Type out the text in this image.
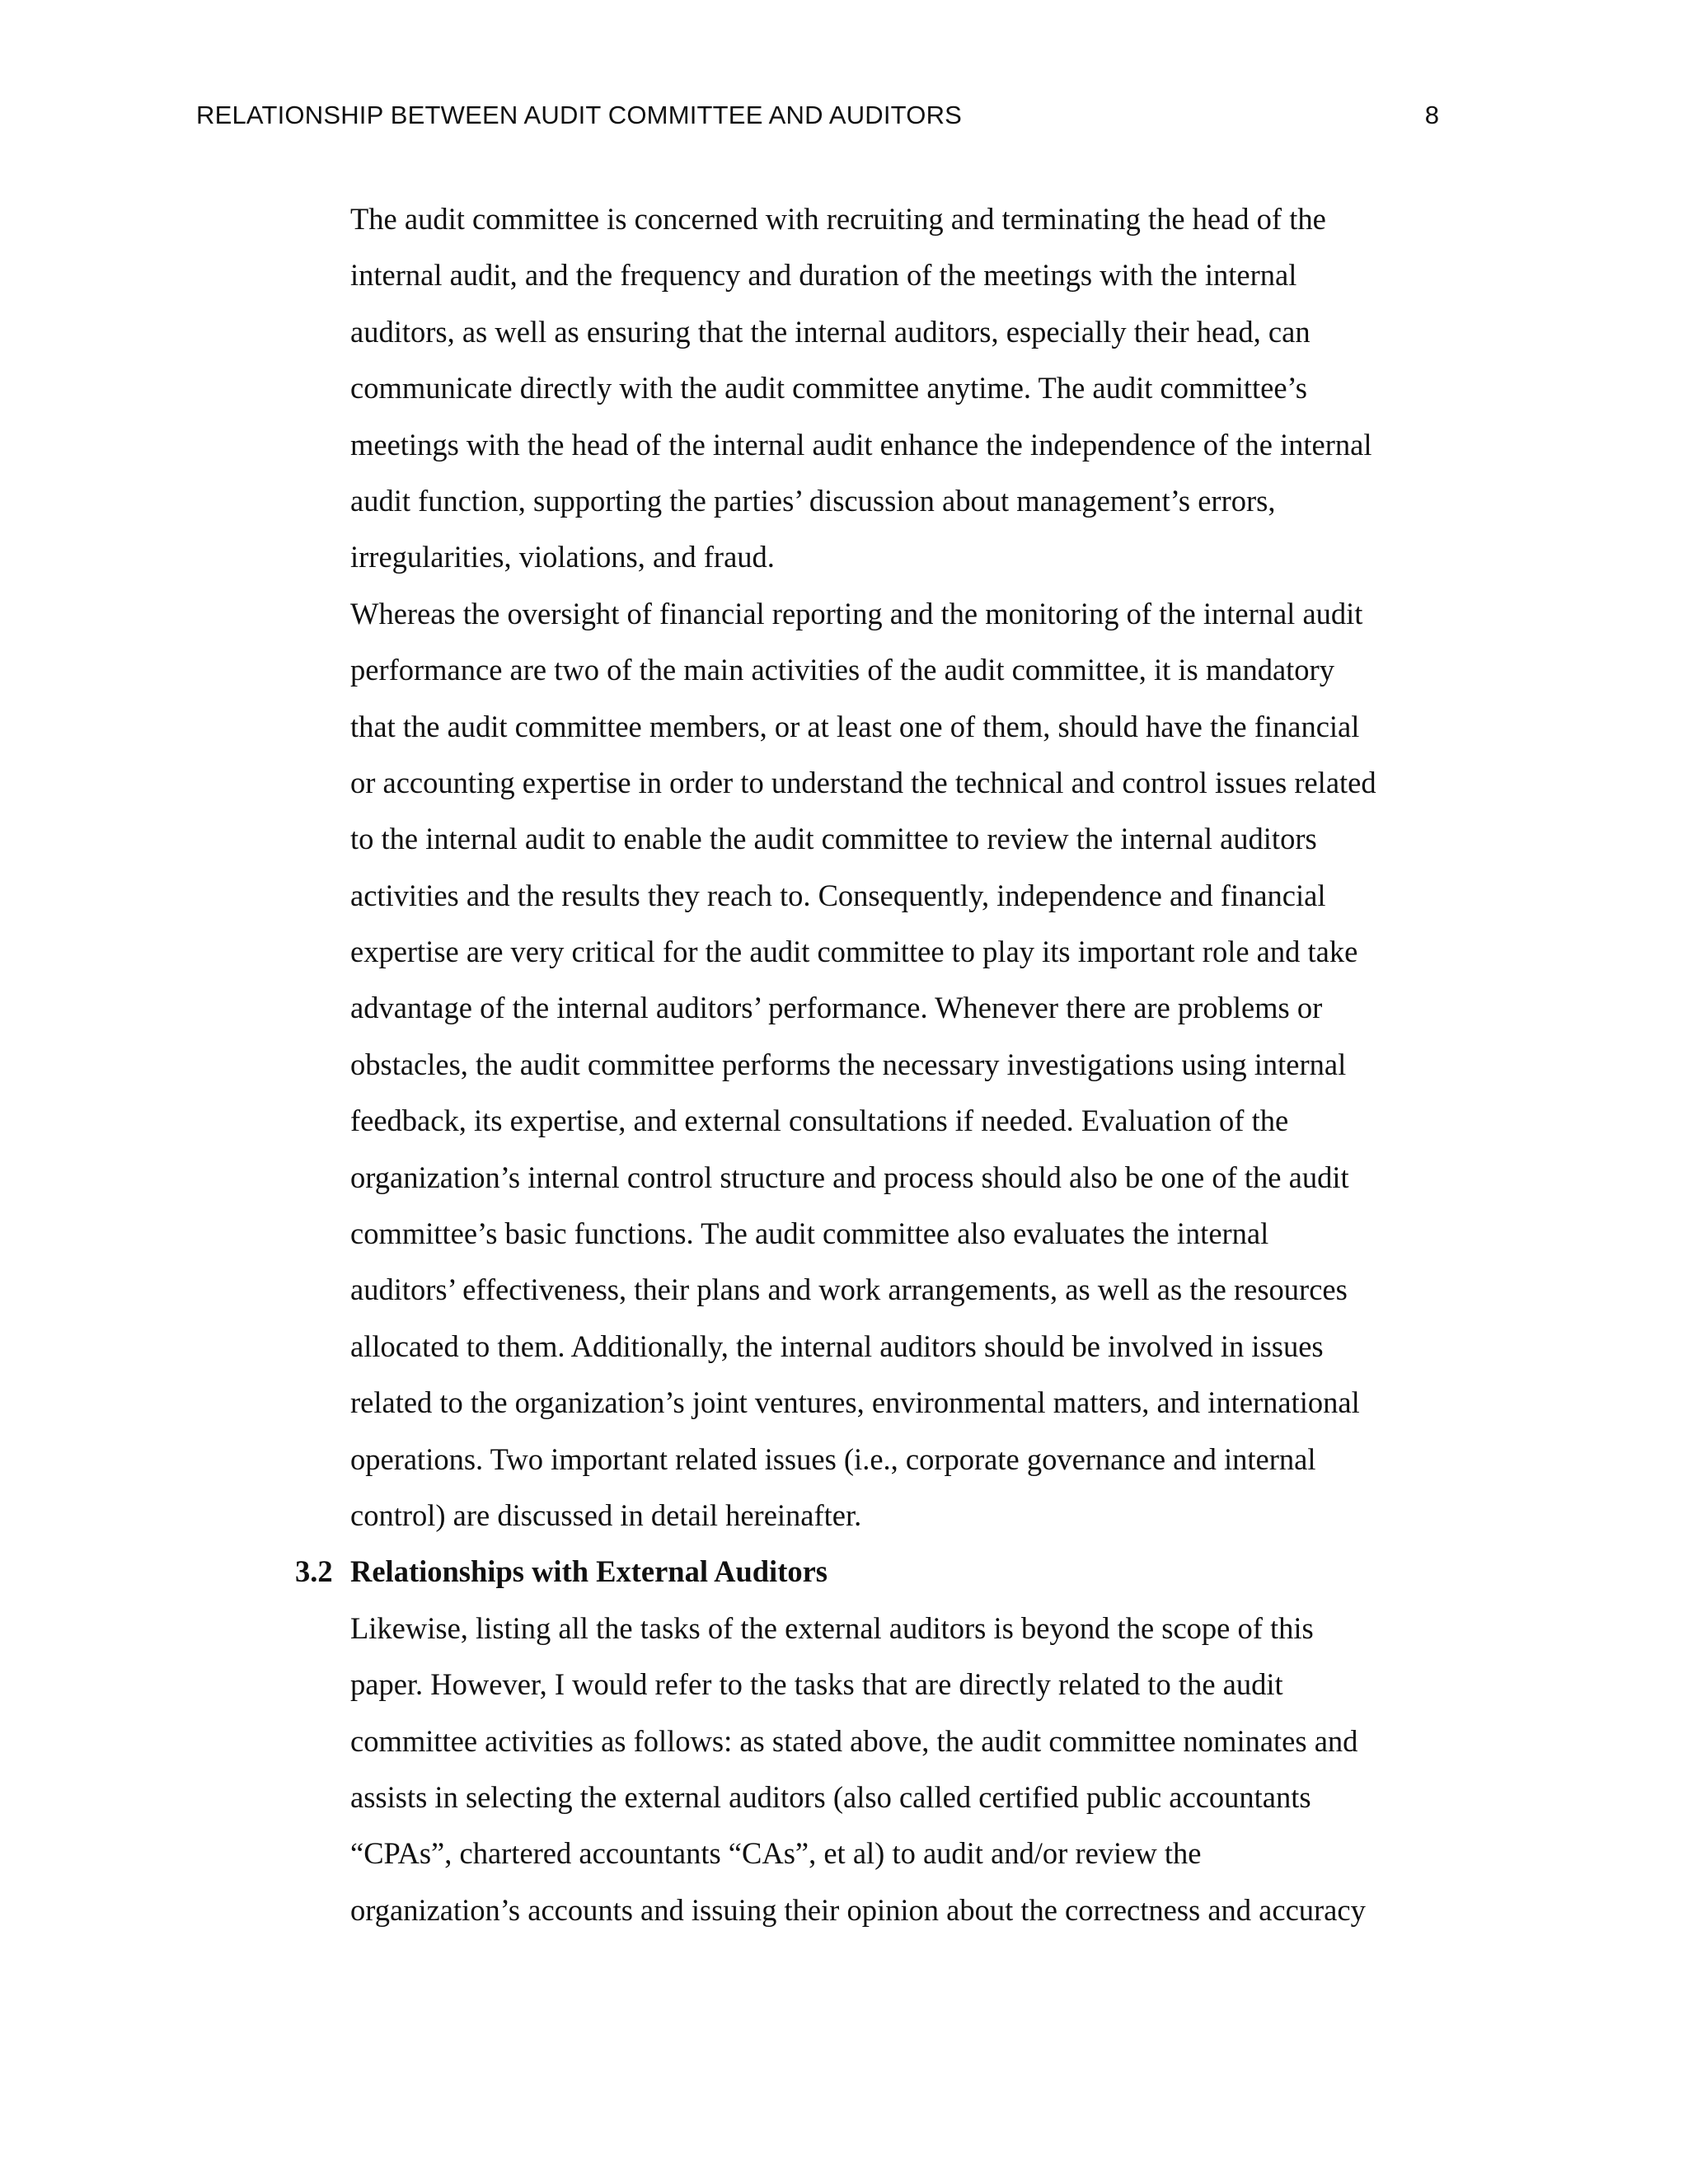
RELATIONSHIP BETWEEN AUDIT COMMITTEE AND AUDITORS	8
The audit committee is concerned with recruiting and terminating the head of the
internal audit, and the frequency and duration of the meetings with the internal
auditors, as well as ensuring that the internal auditors, especially their head, can
communicate directly with the audit committee anytime. The audit committee’s
meetings with the head of the internal audit enhance the independence of the internal
audit function, supporting the parties’ discussion about management’s errors,
irregularities, violations, and fraud.
Whereas the oversight of financial reporting and the monitoring of the internal audit
performance are two of the main activities of the audit committee, it is mandatory
that the audit committee members, or at least one of them, should have the financial
or accounting expertise in order to understand the technical and control issues related
to the internal audit to enable the audit committee to review the internal auditors
activities and the results they reach to. Consequently, independence and financial
expertise are very critical for the audit committee to play its important role and take
advantage of the internal auditors’ performance. Whenever there are problems or
obstacles, the audit committee performs the necessary investigations using internal
feedback, its expertise, and external consultations if needed. Evaluation of the
organization’s internal control structure and process should also be one of the audit
committee’s basic functions. The audit committee also evaluates the internal
auditors’ effectiveness, their plans and work arrangements, as well as the resources
allocated to them. Additionally, the internal auditors should be involved in issues
related to the organization’s joint ventures, environmental matters, and international
operations. Two important related issues (i.e., corporate governance and internal
control) are discussed in detail hereinafter.
3.2 Relationships with External Auditors
Likewise, listing all the tasks of the external auditors is beyond the scope of this
paper. However, I would refer to the tasks that are directly related to the audit
committee activities as follows: as stated above, the audit committee nominates and
assists in selecting the external auditors (also called certified public accountants
“CPAs”, chartered accountants “CAs”, et al) to audit and/or review the
organization’s accounts and issuing their opinion about the correctness and accuracy
